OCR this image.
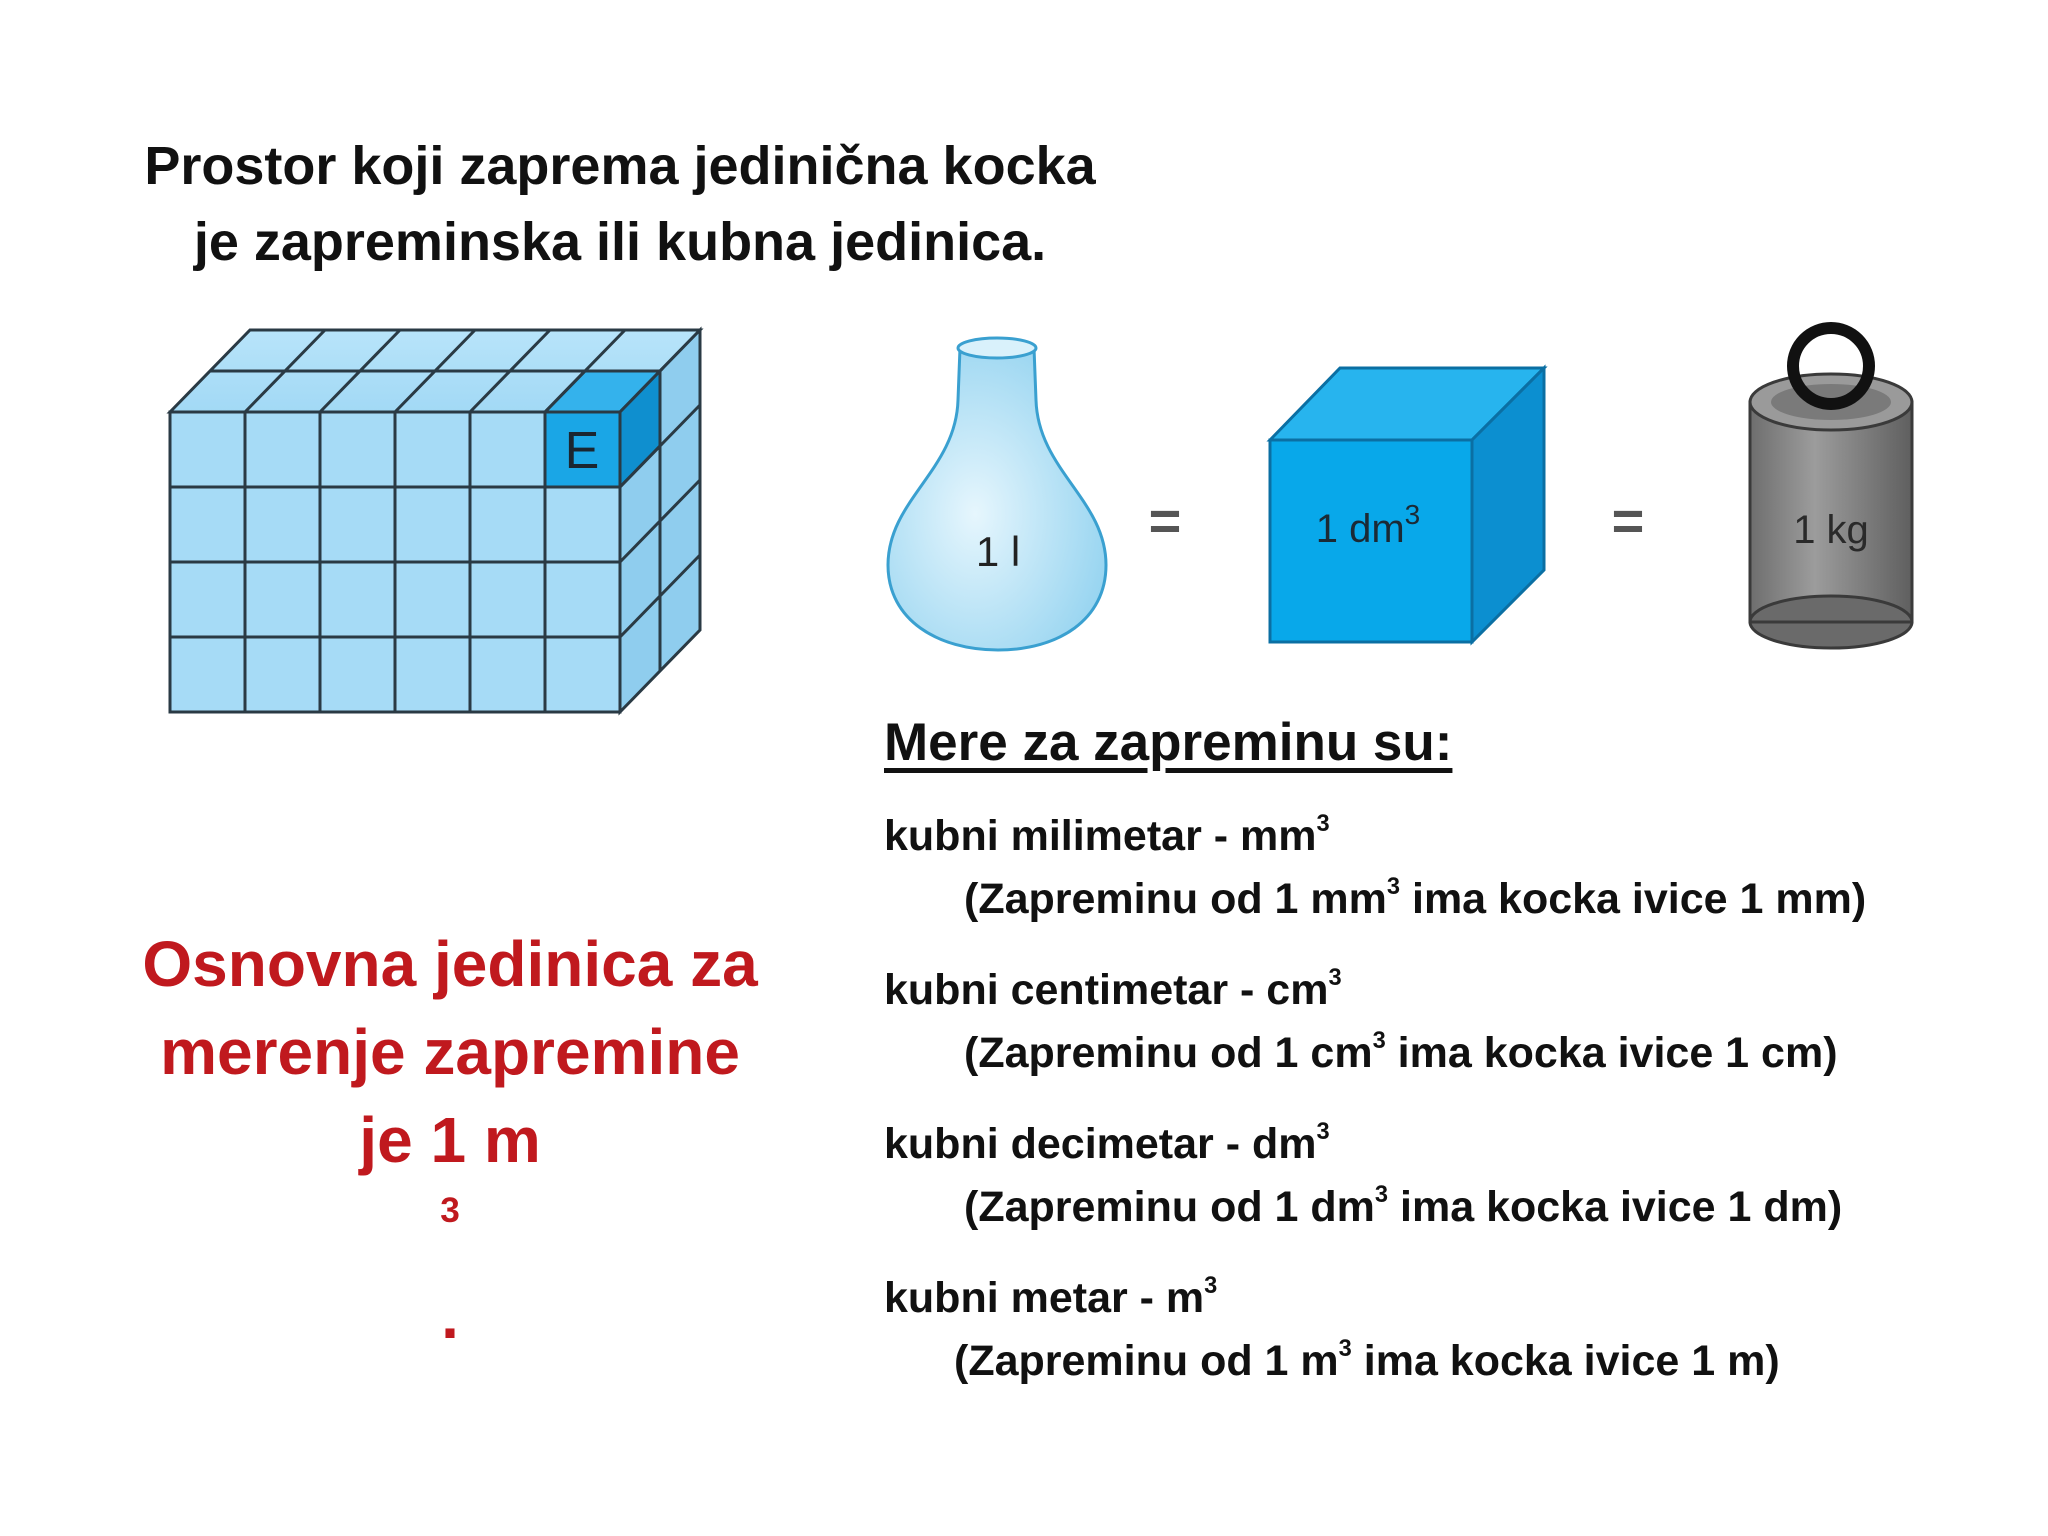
Prostor koji zaprema jedinična kocka
je zapreminska ili kubna jedinica.
E
1 l =	1 $dm^3$	=	1 kg
Mere za zapreminu su:
kubni milimetar - $mm^3$
(Zapreminu od 1 $mm^3$ ima kocka ivice 1 mm)
kubni centimetar - $cm^3$
(Zapreminu od 1 $cm^3$ ima kocka ivice 1 cm)
kubni decimetar - $dm^3$
(Zapreminu od 1 $dm^3$ ima kocka ivice 1 dm)
kubni metar - $m^3$
(Zapreminu od 1 $m^3$ ima kocka ivice 1 m)
Osnovna jedinica za
merenje zapremine
je 1 m
$^3$
.
